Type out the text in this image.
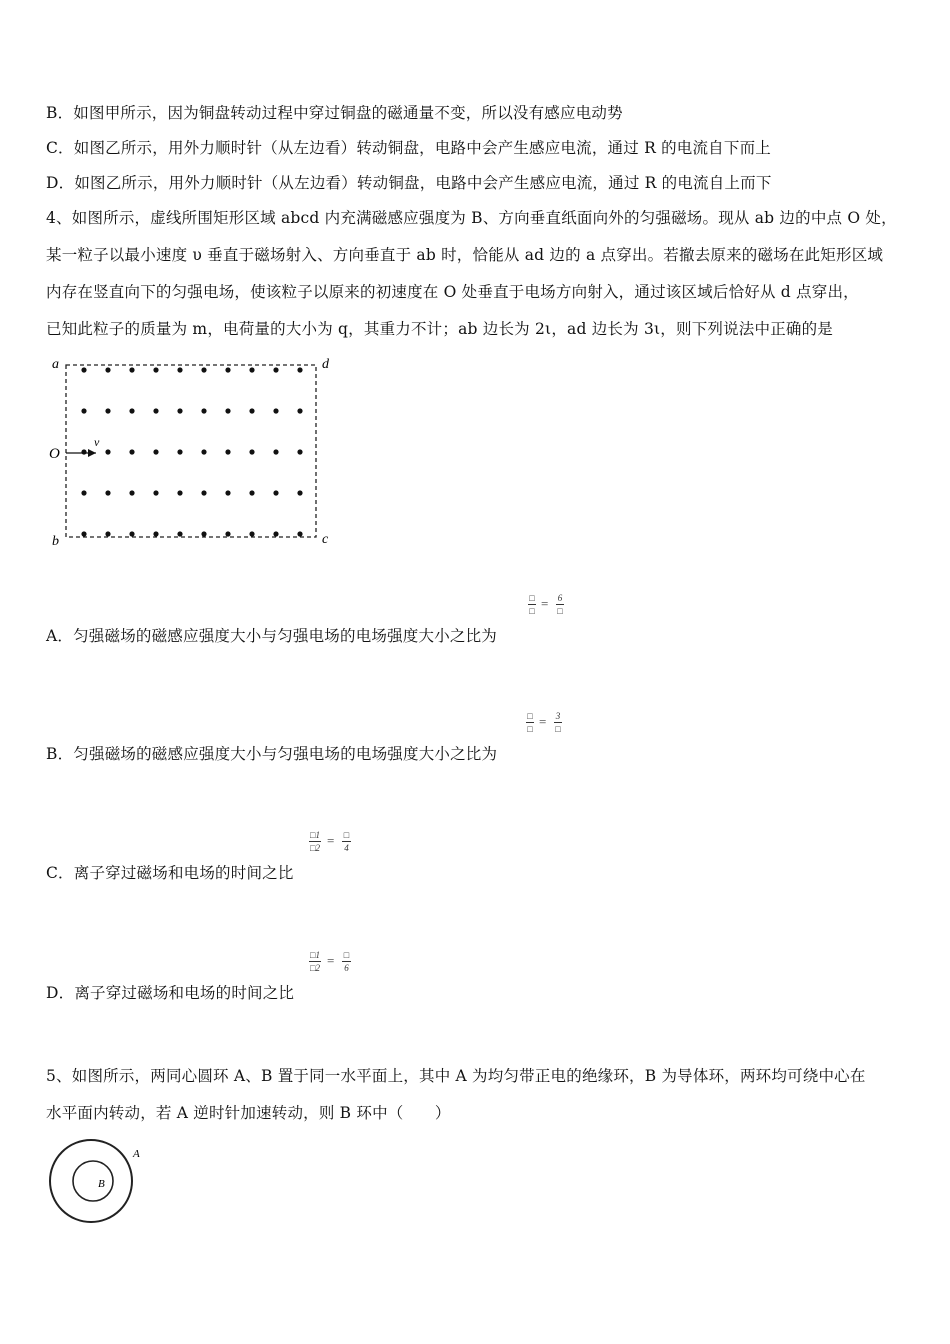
B．如图甲所示，因为铜盘转动过程中穿过铜盘的磁通量不变，所以没有感应电动势
C．如图乙所示，用外力顺时针（从左边看）转动铜盘，电路中会产生感应电流，通过 R 的电流自下而上
D．如图乙所示，用外力顺时针（从左边看）转动铜盘，电路中会产生感应电流，通过 R 的电流自上而下
4、如图所示，虚线所围矩形区域 abcd 内充满磁感应强度为 B、方向垂直纸面向外的匀强磁场。现从 ab 边的中点 O 处，
某一粒子以最小速度 υ 垂直于磁场射入、方向垂直于 ab 时，恰能从 ad 边的 a 点穿出。若撤去原来的磁场在此矩形区域
内存在竖直向下的匀强电场，使该粒子以原来的初速度在 O 处垂直于电场方向射入，通过该区域后恰好从 d 点穿出，
已知此粒子的质量为 m，电荷量的大小为 q，其重力不计；ab 边长为 2ι，ad 边长为 3ι，则下列说法中正确的是
a	d
b	c
O
v
A．匀强磁场的磁感应强度大小与匀强电场的电场强度大小之比为
□
□ = 6
□
B．匀强磁场的磁感应强度大小与匀强电场的电场强度大小之比为
□
□ = 3
□
C．离子穿过磁场和电场的时间之比
□1
□2 = □
4
D．离子穿过磁场和电场的时间之比
□1
□2 = □
6
5、如图所示，两同心圆环 A、B 置于同一水平面上，其中 A 为均匀带正电的绝缘环，B 为导体环，两环均可绕中心在
水平面内转动，若 A 逆时针加速转动，则 B 环中（　　）
A
B
